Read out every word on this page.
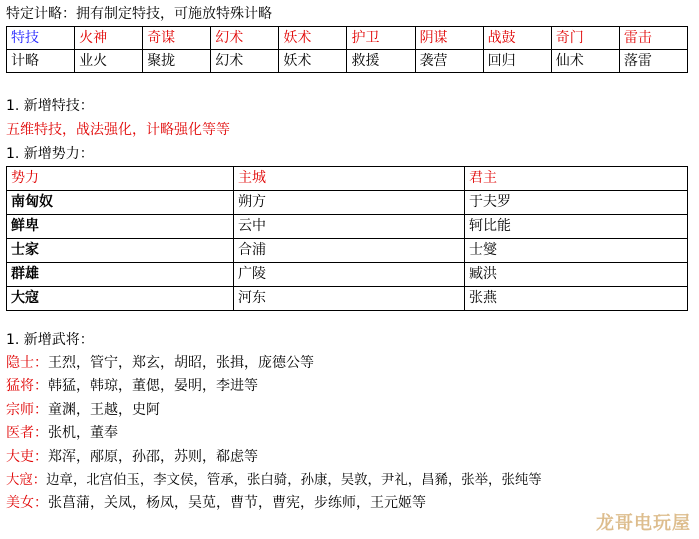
特定计略：拥有制定特技，可施放特殊计略
特技	火神	奇谋	幻术	妖术	护卫	阴谋	战鼓	奇门	雷击
计略	业火	聚拢	幻术	妖术	救援	袭营	回归	仙术	落雷
1. 新增特技：
五维特技，战法强化，计略强化等等
1. 新增势力：
势力	主城	君主
南匈奴	朔方	于夫罗
鲜卑	云中	轲比能
士家	合浦	士燮
群雄	广陵	臧洪
大寇	河东	张燕
1. 新增武将：
隐士：王烈，管宁，郑玄，胡昭，张揖，庞德公等
猛将：韩猛，韩琼，董偲，晏明，李进等
宗师：童渊，王越，史阿
医者：张机，董奉
大吏：郑浑，邴原，孙邵，苏则，郗虑等
大寇：边章，北宫伯玉，李文侯，管承，张白骑，孙康，吴敦，尹礼，昌豨，张举，张纯等
美女：张菖蒲，关凤，杨凤，吴苋，曹节，曹宪，步练师，王元姬等
龙哥电玩屋
